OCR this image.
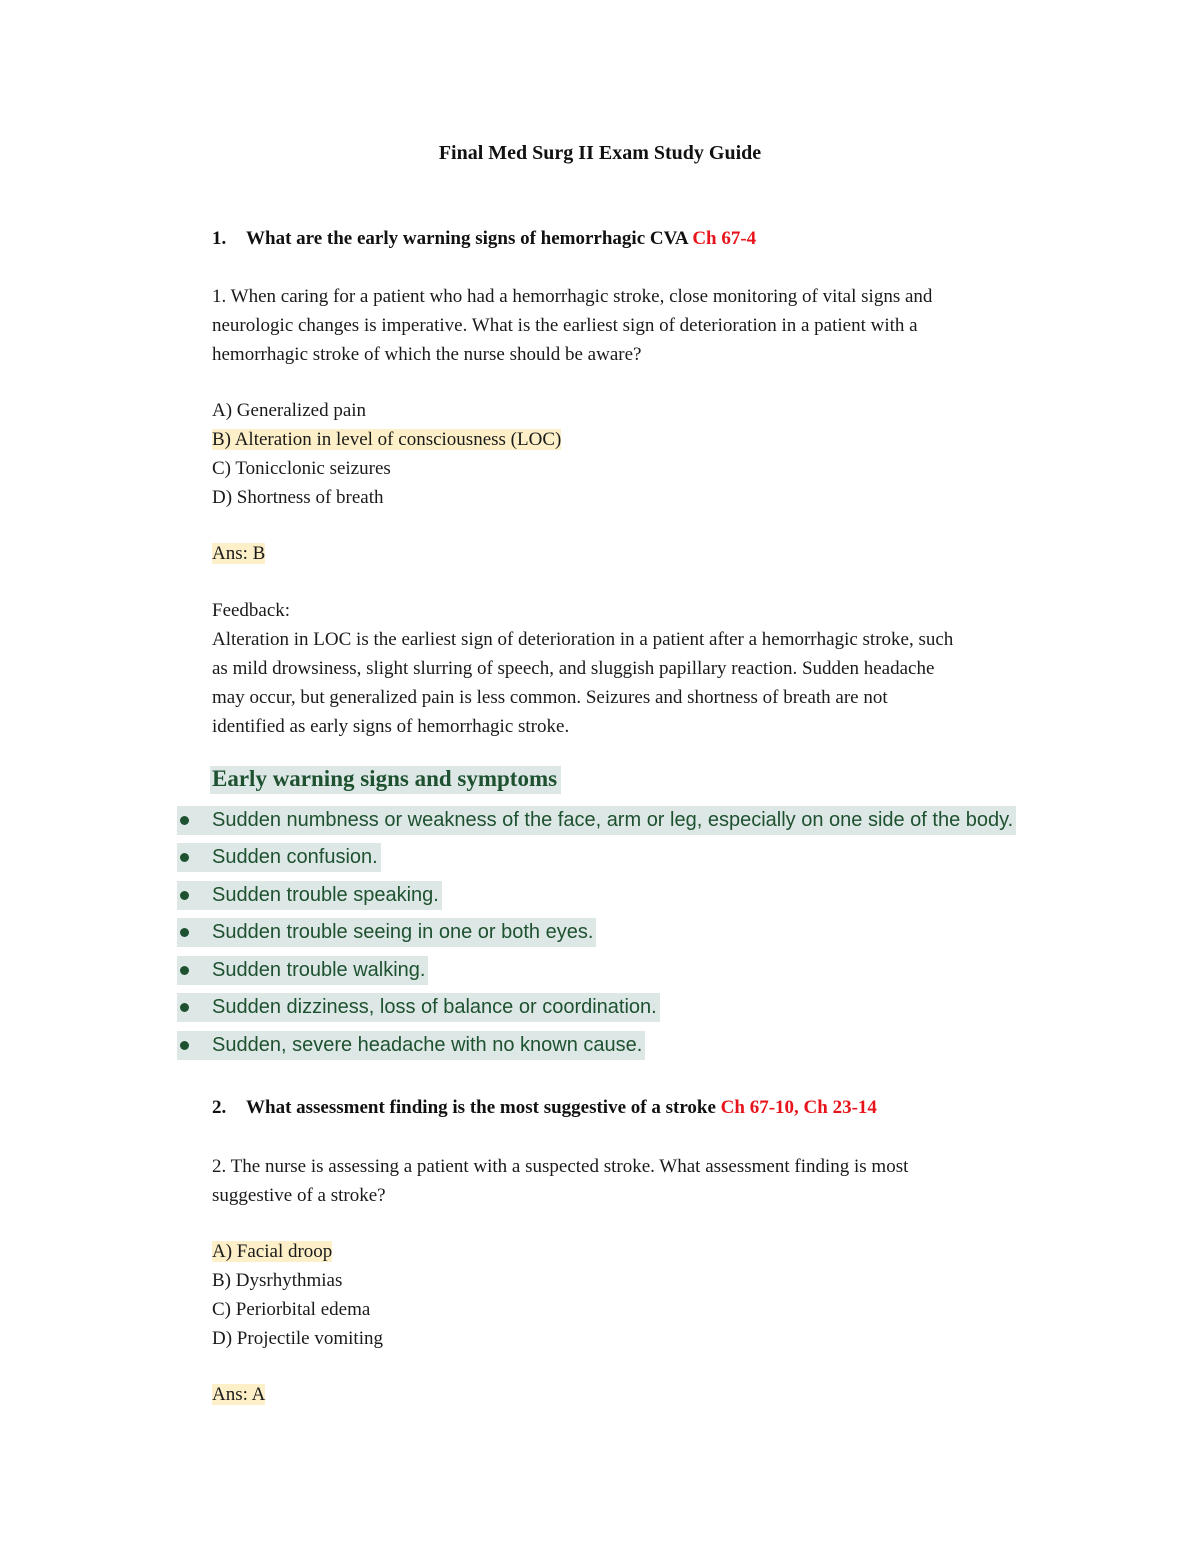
Final Med Surg II Exam Study Guide
1. What are the early warning signs of hemorrhagic CVA Ch 67-4
1. When caring for a patient who had a hemorrhagic stroke, close monitoring of vital signs and
neurologic changes is imperative. What is the earliest sign of deterioration in a patient with a
hemorrhagic stroke of which the nurse should be aware?
A) Generalized pain
B) Alteration in level of consciousness (LOC)
C) Tonicclonic seizures
D) Shortness of breath
Ans: B
Feedback:
Alteration in LOC is the earliest sign of deterioration in a patient after a hemorrhagic stroke, such
as mild drowsiness, slight slurring of speech, and sluggish papillary reaction. Sudden headache
may occur, but generalized pain is less common. Seizures and shortness of breath are not
identified as early signs of hemorrhagic stroke.
Early warning signs and symptoms
Sudden numbness or weakness of the face, arm or leg, especially on one side of the body.
Sudden confusion.
Sudden trouble speaking.
Sudden trouble seeing in one or both eyes.
Sudden trouble walking.
Sudden dizziness, loss of balance or coordination.
Sudden, severe headache with no known cause.
2. What assessment finding is the most suggestive of a stroke Ch 67-10, Ch 23-14
2. The nurse is assessing a patient with a suspected stroke. What assessment finding is most
suggestive of a stroke?
A) Facial droop
B) Dysrhythmias
C) Periorbital edema
D) Projectile vomiting
Ans: A
